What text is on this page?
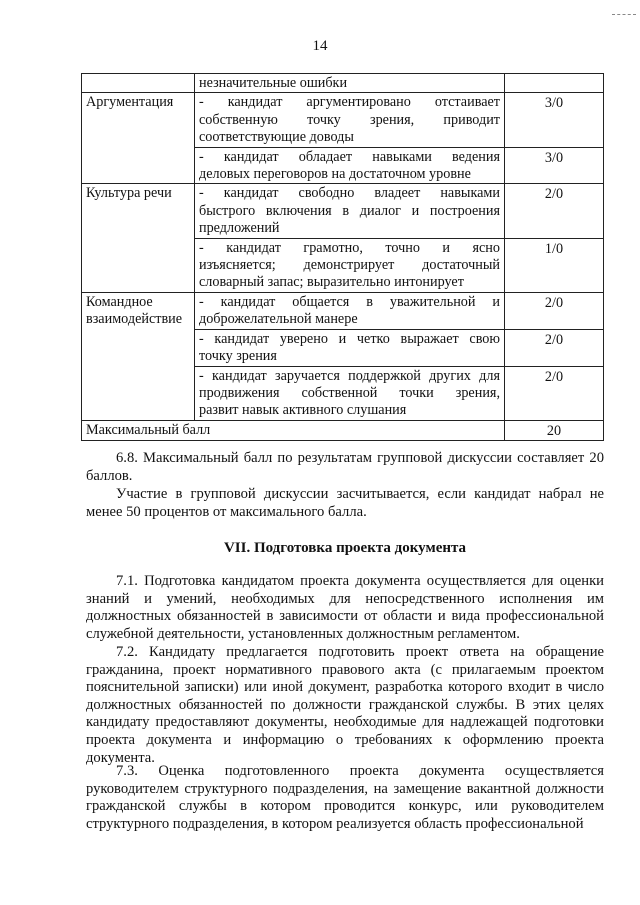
14

	незначительные ошибки	

Аргументация	- кандидат аргументировано отстаивает
собственную точку зрения, приводит
соответствующие доводы	3/0

	- кандидат обладает навыками ведения
деловых переговоров на достаточном уровне	3/0
Культура речи	- кандидат свободно владеет навыками
быстрого включения в диалог и построения
предложений	2/0

	- кандидат грамотно, точно и ясно
изъясняется; демонстрирует достаточный
словарный запас; выразительно интонирует	1/0
Командное взаимодействие	- кандидат общается в уважительной и
доброжелательной манере	2/0

	- кандидат уверено и четко выражает свою
точку зрения	2/0

	- кандидат заручается поддержкой других для
продвижения собственной точки зрения,
развит навык активного слушания	2/0
Максимальный балл		20

6.8. Максимальный балл по результатам групповой дискуссии составляет 20 баллов.

Участие в групповой дискуссии засчитывается, если кандидат набрал не менее 50 процентов от максимального балла.

VII. Подготовка проекта документа

7.1. Подготовка кандидатом проекта документа осуществляется для оценки знаний и умений, необходимых для непосредственного исполнения им должностных обязанностей в зависимости от области и вида профессиональной служебной деятельности, установленных должностным регламентом.

7.2. Кандидату предлагается подготовить проект ответа на обращение гражданина, проект нормативного правового акта (с прилагаемым проектом пояснительной записки) или иной документ, разработка которого входит в число должностных обязанностей по должности гражданской службы. В этих целях кандидату предоставляют документы, необходимые для надлежащей подготовки проекта документа и информацию о требованиях к оформлению проекта документа.

7.3. Оценка подготовленного проекта документа осуществляется руководителем структурного подразделения, на замещение вакантной должности гражданской службы в котором проводится конкурс, или руководителем структурного подразделения, в котором реализуется область профессиональной
